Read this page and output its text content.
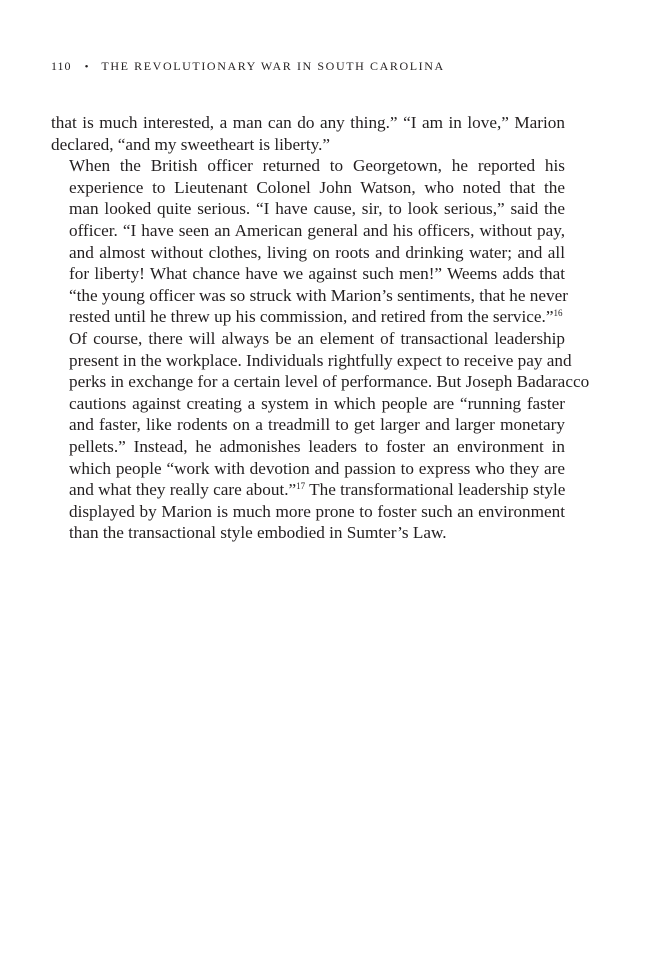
110 • THE REVOLUTIONARY WAR IN SOUTH CAROLINA

that is much interested, a man can do any thing.” “I am in love,” Marion
declared, “and my sweetheart is liberty.”

When the British officer returned to Georgetown, he reported his
experience to Lieutenant Colonel John Watson, who noted that the
man looked quite serious. “I have cause, sir, to look serious,” said the
officer. “I have seen an American general and his officers, without pay,
and almost without clothes, living on roots and drinking water; and all
for liberty! What chance have we against such men!” Weems adds that
“the young officer was so struck with Marion’s sentiments, that he never
rested until he threw up his commission, and retired from the service.”$^{16}$

Of course, there will always be an element of transactional leadership
present in the workplace. Individuals rightfully expect to receive pay and
perks in exchange for a certain level of performance. But Joseph Badaracco
cautions against creating a system in which people are “running faster
and faster, like rodents on a treadmill to get larger and larger monetary
pellets.” Instead, he admonishes leaders to foster an environment in
which people “work with devotion and passion to express who they are
and what they really care about.”$^{17}$ The transformational leadership style
displayed by Marion is much more prone to foster such an environment
than the transactional style embodied in Sumter’s Law.
